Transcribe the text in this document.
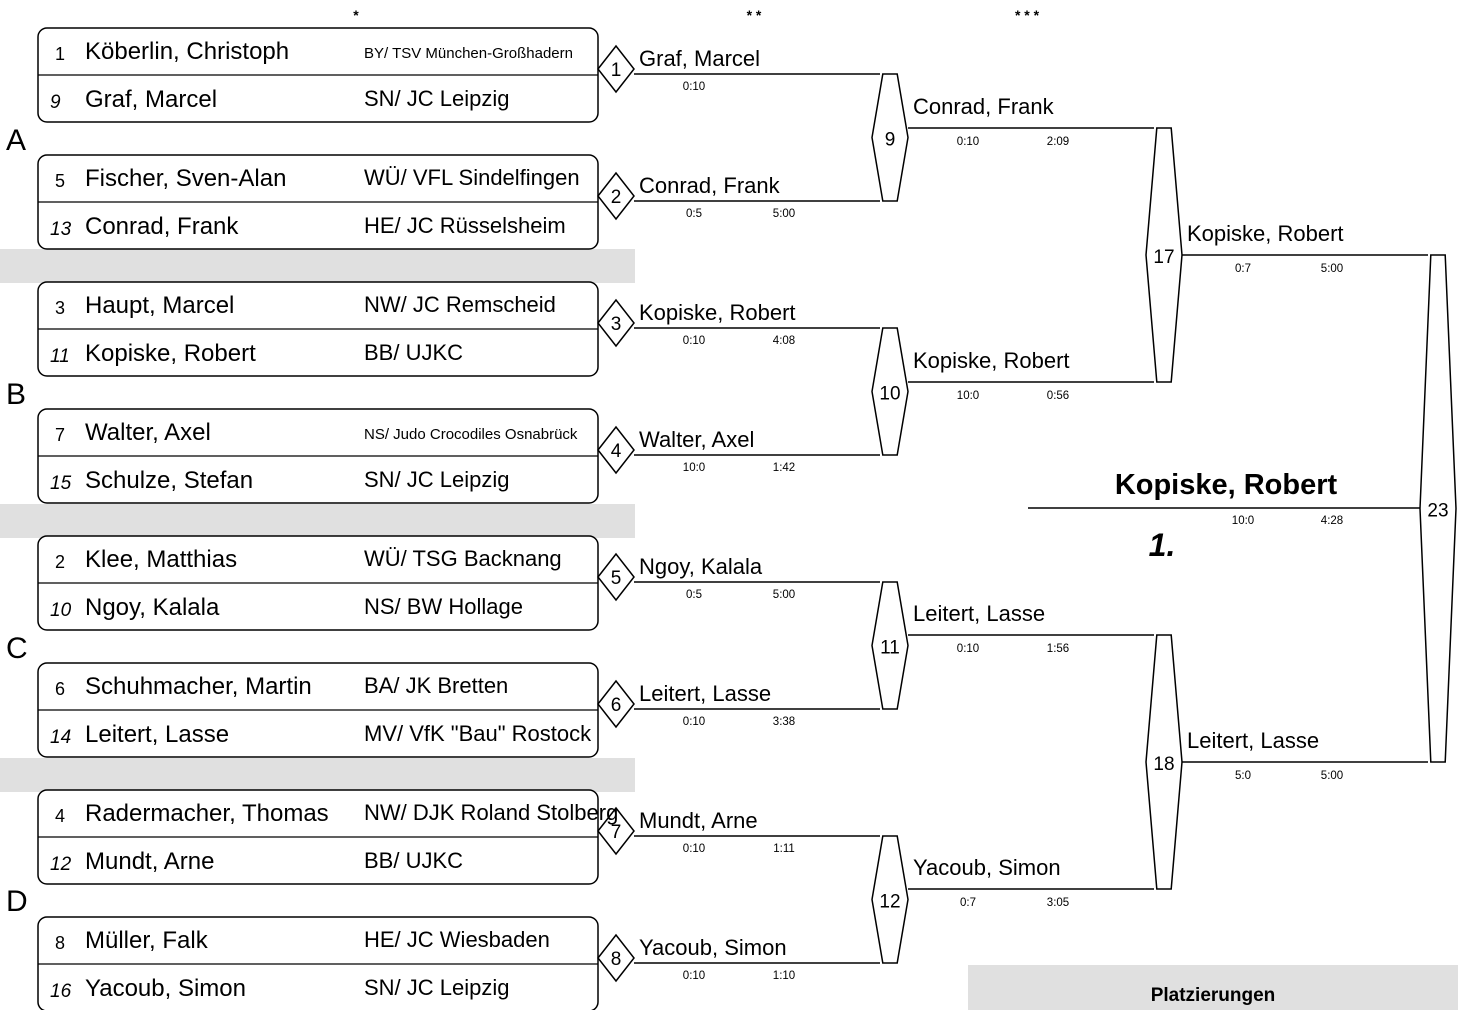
*	* *	* * *
A
B
C
D
1 Köberlin, Christoph	BY/ TSV München-Großhadern
9 Graf, Marcel	SN/ JC Leipzig
5 Fischer, Sven-Alan	WÜ/ VFL Sindelfingen
13 Conrad, Frank	HE/ JC Rüsselsheim
3 Haupt, Marcel	NW/ JC Remscheid
11 Kopiske, Robert	BB/ UJKC
7 Walter, Axel	NS/ Judo Crocodiles Osnabrück
15 Schulze, Stefan	SN/ JC Leipzig
2 Klee, Matthias	WÜ/ TSG Backnang
10 Ngoy, Kalala	NS/ BW Hollage
6 Schuhmacher, Martin BA/ JK Bretten
14 Leitert, Lasse	MV/ VfK "Bau" Rostock
4 Radermacher, Thomas NW/ DJK Roland Stolberg
12 Mundt, Arne	BB/ UJKC
8 Müller, Falk	HE/ JC Wiesbaden
16 Yacoub, Simon	SN/ JC Leipzig
1 Graf, Marcel
0:10
2 Conrad, Frank
0:5	5:00
3 Kopiske, Robert
0:10	4:08
4 Walter, Axel
10:0	1:42
5 Ngoy, Kalala
0:5	5:00
6 Leitert, Lasse
0:10	3:38
7 Mundt, Arne
0:10	1:11
8 Yacoub, Simon
0:10	1:10
9
Conrad, Frank
0:10	2:09
10
Kopiske, Robert
10:0	0:56
11
Leitert, Lasse
0:10	1:56
12
Yacoub, Simon
0:7	3:05
17
Kopiske, Robert
0:7	5:00
18
Leitert, Lasse
5:0	5:00
23
Kopiske, Robert
10:0	4:28
1.
Platzierungen
